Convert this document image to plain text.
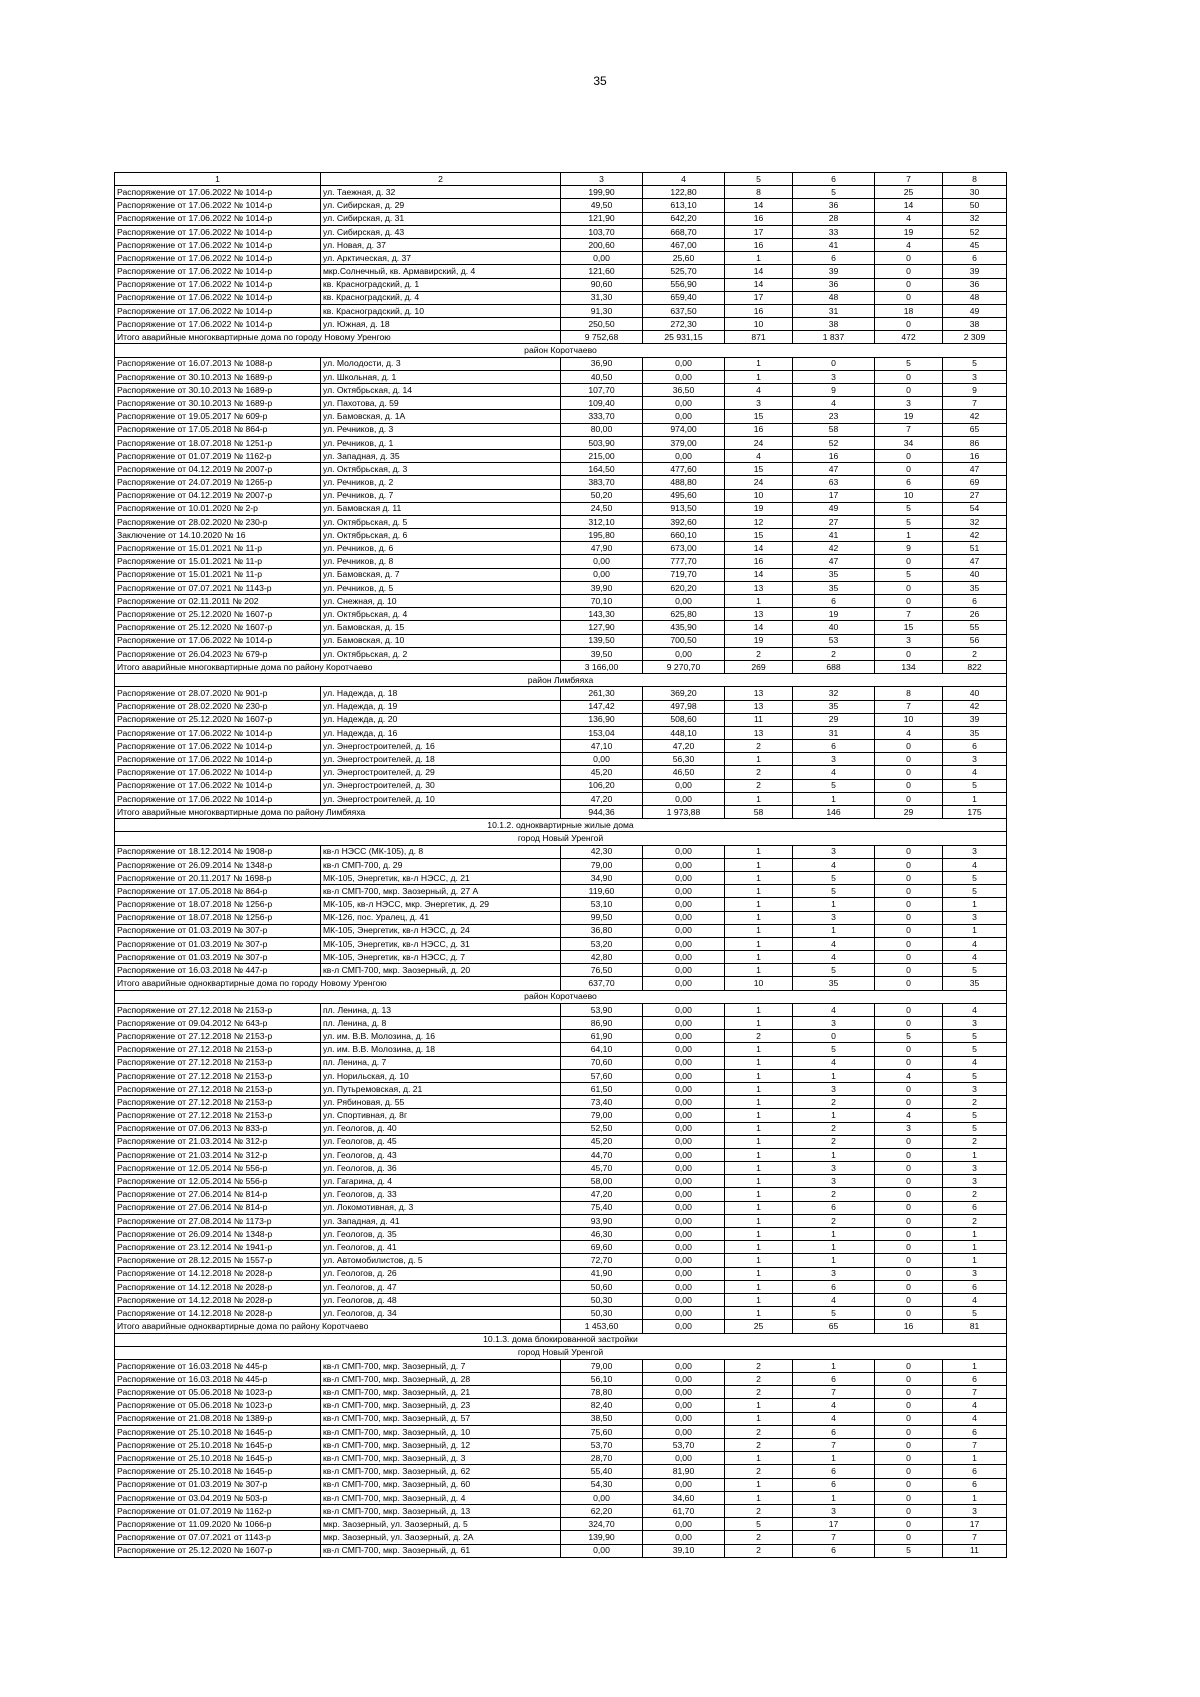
35
1	2	3	4	5	6	7	8
Распоряжение от 17.06.2022 № 1014-р	ул. Таежная, д. 32	199,90	122,80	8	5	25	30
Распоряжение от 17.06.2022 № 1014-р	ул. Сибирская, д. 29	49,50	613,10	14	36	14	50
Распоряжение от 17.06.2022 № 1014-р	ул. Сибирская, д. 31	121,90	642,20	16	28	4	32
Распоряжение от 17.06.2022 № 1014-р	ул. Сибирская, д. 43	103,70	668,70	17	33	19	52
Распоряжение от 17.06.2022 № 1014-р	ул. Новая, д. 37	200,60	467,00	16	41	4	45
Распоряжение от 17.06.2022 № 1014-р	ул. Арктическая, д. 37	0,00	25,60	1	6	0	6
Распоряжение от 17.06.2022 № 1014-р	мкр.Солнечный, кв. Армавирский, д. 4	121,60	525,70	14	39	0	39
Распоряжение от 17.06.2022 № 1014-р	кв. Красноградский, д. 1	90,60	556,90	14	36	0	36
Распоряжение от 17.06.2022 № 1014-р	кв. Красноградский, д. 4	31,30	659,40	17	48	0	48
Распоряжение от 17.06.2022 № 1014-р	кв. Красноградский, д. 10	91,30	637,50	16	31	18	49
Распоряжение от 17.06.2022 № 1014-р	ул. Южная, д. 18	250,50	272,30	10	38	0	38
Итого аварийные многоквартирные дома по городу Новому Уренгою		9 752,68	25 931,15	871	1 837	472	2 309
район Коротчаево							
Распоряжение от 16.07.2013 № 1088-р	ул. Молодости, д. 3	36,90	0,00	1	0	5	5
Распоряжение от 30.10.2013 № 1689-р	ул. Школьная, д. 1	40,50	0,00	1	3	0	3
Распоряжение от 30.10.2013 № 1689-р	ул. Октябрьская, д. 14	107,70	36,50	4	9	0	9
Распоряжение от 30.10.2013 № 1689-р	ул. Пахотова, д. 59	109,40	0,00	3	4	3	7
Распоряжение от 19.05.2017 № 609-р	ул. Бамовская, д. 1А	333,70	0,00	15	23	19	42
Распоряжение от 17.05.2018 № 864-р	ул. Речников, д. 3	80,00	974,00	16	58	7	65
Распоряжение от 18.07.2018 № 1251-р	ул. Речников, д. 1	503,90	379,00	24	52	34	86
Распоряжение от 01.07.2019 № 1162-р	ул. Западная, д. 35	215,00	0,00	4	16	0	16
Распоряжение от 04.12.2019 № 2007-р	ул. Октябрьская, д. 3	164,50	477,60	15	47	0	47
Распоряжение от 24.07.2019 № 1265-р	ул. Речников, д. 2	383,70	488,80	24	63	6	69
Распоряжение от 04.12.2019 № 2007-р	ул. Речников, д. 7	50,20	495,60	10	17	10	27
Распоряжение от 10.01.2020 № 2-р	ул. Бамовская д. 11	24,50	913,50	19	49	5	54
Распоряжение от 28.02.2020 № 230-р	ул. Октябрьская, д. 5	312,10	392,60	12	27	5	32
Заключение от 14.10.2020 № 16	ул. Октябрьская, д. 6	195,80	660,10	15	41	1	42
Распоряжение от 15.01.2021 № 11-р	ул. Речников, д. 6	47,90	673,00	14	42	9	51
Распоряжение от 15.01.2021 № 11-р	ул. Речников, д. 8	0,00	777,70	16	47	0	47
Распоряжение от 15.01.2021 № 11-р	ул. Бамовская, д. 7	0,00	719,70	14	35	5	40
Распоряжение от 07.07.2021 № 1143-р	ул. Речников, д. 5	39,90	620,20	13	35	0	35
Распоряжение от 02.11.2011 № 202	ул. Снежная, д. 10	70,10	0,00	1	6	0	6
Распоряжение от 25.12.2020 № 1607-р	ул. Октябрьская, д. 4	143,30	625,80	13	19	7	26
Распоряжение от 25.12.2020 № 1607-р	ул. Бамовская, д. 15	127,90	435,90	14	40	15	55
Распоряжение от 17.06.2022 № 1014-р	ул. Бамовская, д. 10	139,50	700,50	19	53	3	56
Распоряжение от 26.04.2023 № 679-р	ул. Октябрьская, д. 2	39,50	0,00	2	2	0	2
Итого аварийные многоквартирные дома по району Коротчаево		3 166,00	9 270,70	269	688	134	822
район Лимбяяха							
Распоряжение от 28.07.2020 № 901-р	ул. Надежда, д. 18	261,30	369,20	13	32	8	40
Распоряжение от 28.02.2020 № 230-р	ул. Надежда, д. 19	147,42	497,98	13	35	7	42
Распоряжение от 25.12.2020 № 1607-р	ул. Надежда, д. 20	136,90	508,60	11	29	10	39
Распоряжение от 17.06.2022 № 1014-р	ул. Надежда, д. 16	153,04	448,10	13	31	4	35
Распоряжение от 17.06.2022 № 1014-р	ул. Энергостроителей, д. 16	47,10	47,20	2	6	0	6
Распоряжение от 17.06.2022 № 1014-р	ул. Энергостроителей, д. 18	0,00	56,30	1	3	0	3
Распоряжение от 17.06.2022 № 1014-р	ул. Энергостроителей, д. 29	45,20	46,50	2	4	0	4
Распоряжение от 17.06.2022 № 1014-р	ул. Энергостроителей, д. 30	106,20	0,00	2	5	0	5
Распоряжение от 17.06.2022 № 1014-р	ул. Энергостроителей, д. 10	47,20	0,00	1	1	0	1
Итого аварийные многоквартирные дома по району Лимбяяха		944,36	1 973,88	58	146	29	175
10.1.2. одноквартирные жилые дома							
город Новый Уренгой							
Распоряжение от 18.12.2014 № 1908-р	кв-л НЭСС (МК-105), д. 8	42,30	0,00	1	3	0	3
Распоряжение от 26.09.2014 № 1348-р	кв-л СМП-700, д. 29	79,00	0,00	1	4	0	4
Распоряжение от 20.11.2017 № 1698-р	МК-105, Энергетик, кв-л НЭСС, д. 21	34,90	0,00	1	5	0	5
Распоряжение от 17.05.2018 № 864-р	кв-л СМП-700, мкр. Заозерный, д. 27 А	119,60	0,00	1	5	0	5
Распоряжение от 18.07.2018 № 1256-р	МК-105, кв-л НЭСС, мкр. Энергетик, д. 29	53,10	0,00	1	1	0	1
Распоряжение от 18.07.2018 № 1256-р	МК-126, пос. Уралец, д. 41	99,50	0,00	1	3	0	3
Распоряжение от 01.03.2019 № 307-р	МК-105, Энергетик, кв-л НЭСС, д. 24	36,80	0,00	1	1	0	1
Распоряжение от 01.03.2019 № 307-р	МК-105, Энергетик, кв-л НЭСС, д. 31	53,20	0,00	1	4	0	4
Распоряжение от 01.03.2019 № 307-р	МК-105, Энергетик, кв-л НЭСС, д. 7	42,80	0,00	1	4	0	4
Распоряжение от 16.03.2018 № 447-р	кв-л СМП-700, мкр. Заозерный, д. 20	76,50	0,00	1	5	0	5
Итого аварийные одноквартирные дома по городу Новому Уренгою		637,70	0,00	10	35	0	35
район Коротчаево							
Распоряжение от 27.12.2018 № 2153-р	пл. Ленина, д. 13	53,90	0,00	1	4	0	4
Распоряжение от 09.04.2012 № 643-р	пл. Ленина, д. 8	86,90	0,00	1	3	0	3
Распоряжение от 27.12.2018 № 2153-р	ул. им. В.В. Молозина, д. 16	61,90	0,00	2	0	5	5
Распоряжение от 27.12.2018 № 2153-р	ул. им. В.В. Молозина, д. 18	64,10	0,00	1	5	0	5
Распоряжение от 27.12.2018 № 2153-р	пл. Ленина, д. 7	70,60	0,00	1	4	0	4
Распоряжение от 27.12.2018 № 2153-р	ул. Норильская, д. 10	57,60	0,00	1	1	4	5
Распоряжение от 27.12.2018 № 2153-р	ул. Путьремовская, д. 21	61,50	0,00	1	3	0	3
Распоряжение от 27.12.2018 № 2153-р	ул. Рябиновая, д. 55	73,40	0,00	1	2	0	2
Распоряжение от 27.12.2018 № 2153-р	ул. Спортивная, д. 8г	79,00	0,00	1	1	4	5
Распоряжение от 07.06.2013 № 833-р	ул. Геологов, д. 40	52,50	0,00	1	2	3	5
Распоряжение от 21.03.2014 № 312-р	ул. Геологов, д. 45	45,20	0,00	1	2	0	2
Распоряжение от 21.03.2014 № 312-р	ул. Геологов, д. 43	44,70	0,00	1	1	0	1
Распоряжение от 12.05.2014 № 556-р	ул. Геологов, д. 36	45,70	0,00	1	3	0	3
Распоряжение от 12.05.2014 № 556-р	ул. Гагарина, д. 4	58,00	0,00	1	3	0	3
Распоряжение от 27.06.2014 № 814-р	ул. Геологов, д. 33	47,20	0,00	1	2	0	2
Распоряжение от 27.06.2014 № 814-р	ул. Локомотивная, д. 3	75,40	0,00	1	6	0	6
Распоряжение от 27.08.2014 № 1173-р	ул. Западная, д. 41	93,90	0,00	1	2	0	2
Распоряжение от 26.09.2014 № 1348-р	ул. Геологов, д. 35	46,30	0,00	1	1	0	1
Распоряжение от 23.12.2014 № 1941-р	ул. Геологов, д. 41	69,60	0,00	1	1	0	1
Распоряжение от 28.12.2015 № 1557-р	ул. Автомобилистов, д. 5	72,70	0,00	1	1	0	1
Распоряжение от 14.12.2018 № 2028-р	ул. Геологов, д. 26	41,90	0,00	1	3	0	3
Распоряжение от 14.12.2018 № 2028-р	ул. Геологов, д. 47	50,60	0,00	1	6	0	6
Распоряжение от 14.12.2018 № 2028-р	ул. Геологов, д. 48	50,30	0,00	1	4	0	4
Распоряжение от 14.12.2018 № 2028-р	ул. Геологов, д. 34	50,30	0,00	1	5	0	5
Итого аварийные одноквартирные дома по району Коротчаево		1 453,60	0,00	25	65	16	81
10.1.3. дома блокированной застройки							
город Новый Уренгой							
Распоряжение от 16.03.2018 № 445-р	кв-л СМП-700, мкр. Заозерный, д. 7	79,00	0,00	2	1	0	1
Распоряжение от 16.03.2018 № 445-р	кв-л СМП-700, мкр. Заозерный, д. 28	56,10	0,00	2	6	0	6
Распоряжение от 05.06.2018 № 1023-р	кв-л СМП-700, мкр. Заозерный, д. 21	78,80	0,00	2	7	0	7
Распоряжение от 05.06.2018 № 1023-р	кв-л СМП-700, мкр. Заозерный, д. 23	82,40	0,00	1	4	0	4
Распоряжение от 21.08.2018 № 1389-р	кв-л СМП-700, мкр. Заозерный, д. 57	38,50	0,00	1	4	0	4
Распоряжение от 25.10.2018 № 1645-р	кв-л СМП-700, мкр. Заозерный, д. 10	75,60	0,00	2	6	0	6
Распоряжение от 25.10.2018 № 1645-р	кв-л СМП-700, мкр. Заозерный, д. 12	53,70	53,70	2	7	0	7
Распоряжение от 25.10.2018 № 1645-р	кв-л СМП-700, мкр. Заозерный, д. 3	28,70	0,00	1	1	0	1
Распоряжение от 25.10.2018 № 1645-р	кв-л СМП-700, мкр. Заозерный, д. 62	55,40	81,90	2	6	0	6
Распоряжение от 01.03.2019 № 307-р	кв-л СМП-700, мкр. Заозерный, д. 60	54,30	0,00	1	6	0	6
Распоряжение от 03.04.2019 № 503-р	кв-л СМП-700, мкр. Заозерный, д. 4	0,00	34,60	1	1	0	1
Распоряжение от 01.07.2019 № 1162-р	кв-л СМП-700, мкр. Заозерный, д. 13	62,20	61,70	2	3	0	3
Распоряжение от 11.09.2020 № 1066-р	мкр. Заозерный, ул. Заозерный, д. 5	324,70	0,00	5	17	0	17
Распоряжение от 07.07.2021 от 1143-р	мкр. Заозерный, ул. Заозерный, д. 2А	139,90	0,00	2	7	0	7
Распоряжение от 25.12.2020 № 1607-р	кв-л СМП-700, мкр. Заозерный, д. 61	0,00	39,10	2	6	5	11
